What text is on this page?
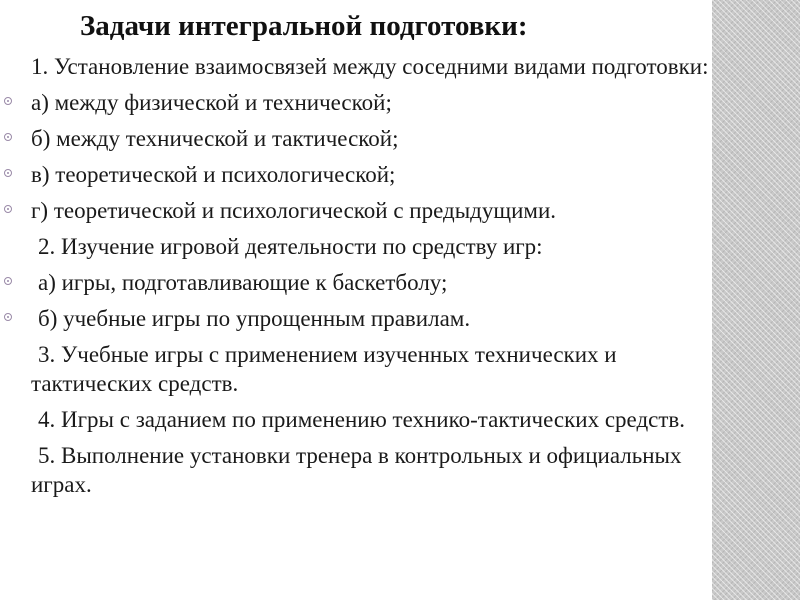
Задачи интегральной подготовки:
1. Установление взаимосвязей между соседними видами подготовки:
а) между физической и технической;
б) между технической и тактической;
в) теоретической и психологической;
г) теоретической и психологической с предыдущими.
2. Изучение игровой деятельности по средству игр:
а) игры, подготавливающие к баскетболу;
б) учебные игры по упрощенным правилам.
3. Учебные игры с применением изученных технических и тактических средств.
4. Игры с заданием по применению технико-тактических средств.
5. Выполнение установки тренера в контрольных и официальных играх.
